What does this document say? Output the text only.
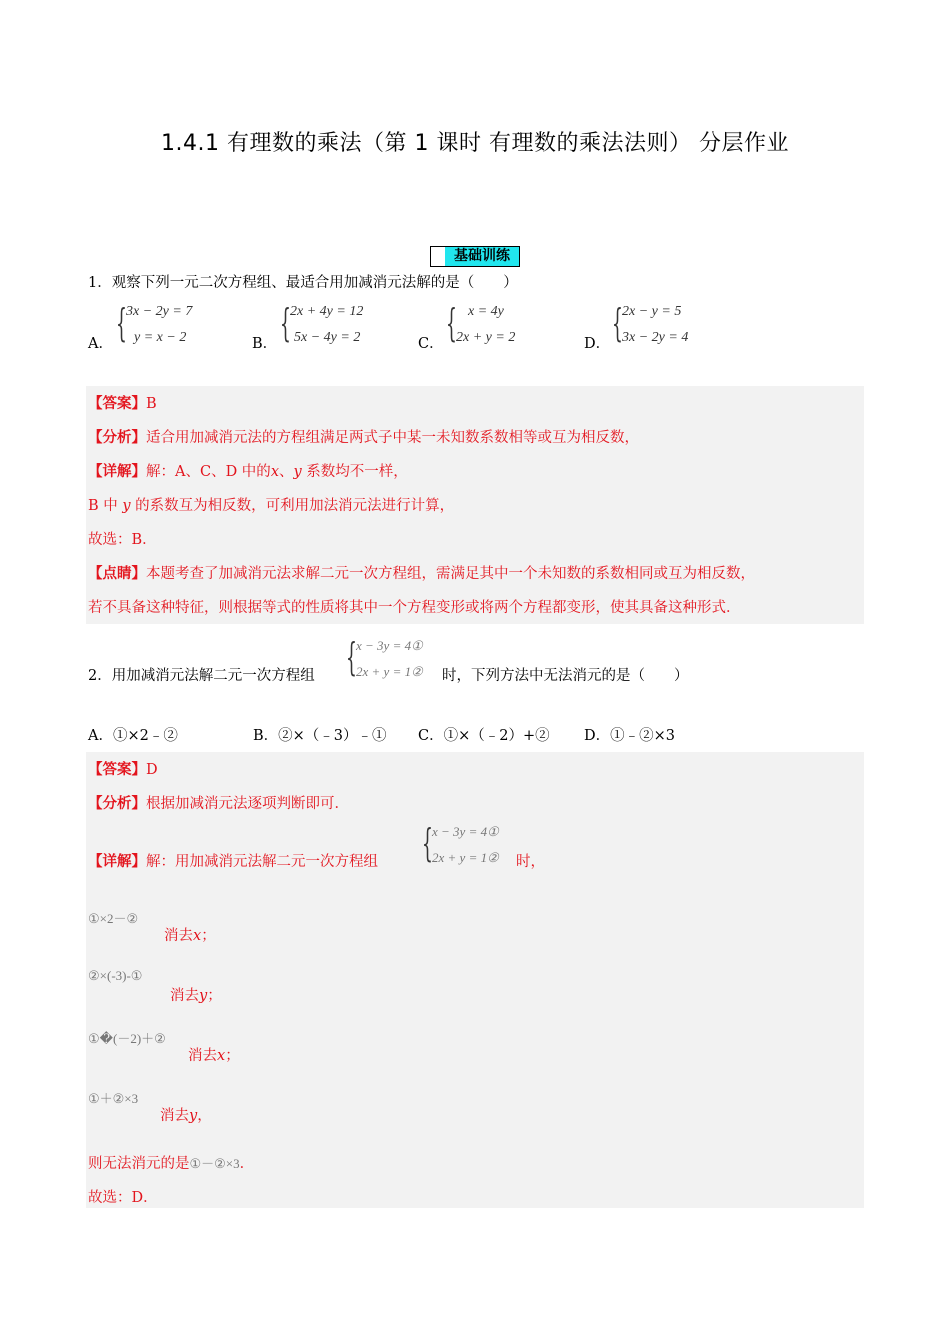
1.4.1 有理数的乘法（第 1 课时 有理数的乘法法则） 分层作业
基础训练
1．观察下列一元二次方程组、最适合用加减消元法解的是（　　）
A． { 3x − 2y = 7
y = x − 2	B． { 2x + 4y = 12
5x − 4y = 2	C． { x = 4y
2x + y = 2	D． { 2x − y = 5
3x − 2y = 4
【答案】B
【分析】适合用加减消元法的方程组满足两式子中某一未知数系数相等或互为相反数，
【详解】解：A、C、D 中的x、y 系数均不一样，
B 中 y 的系数互为相反数，可利用加法消元法进行计算，
故选：B．
【点睛】本题考查了加减消元法求解二元一次方程组，需满足其中一个未知数的系数相同或互为相反数，
若不具备这种特征，则根据等式的性质将其中一个方程变形或将两个方程都变形，使其具备这种形式．
2．用加减消元法解二元一次方程组 { x − 3y = 4①
2x + y = 1② 时，下列方法中无法消元的是（　　）
A．①×2﹣②	B．②×（﹣3）﹣① C．①×（﹣2）+② D．①﹣②×3
【答案】D
【分析】根据加减消元法逐项判断即可．
【详解】解：用加减消元法解二元一次方程组 { x − 3y = 4①
2x + y = 1② 时，
①×2－②
消去x；
②×(-3)-①
消去y；
①�(－2)＋②
消去x；
①＋②×3
消去y，
则无法消元的是①－②×3．
故选：D．
